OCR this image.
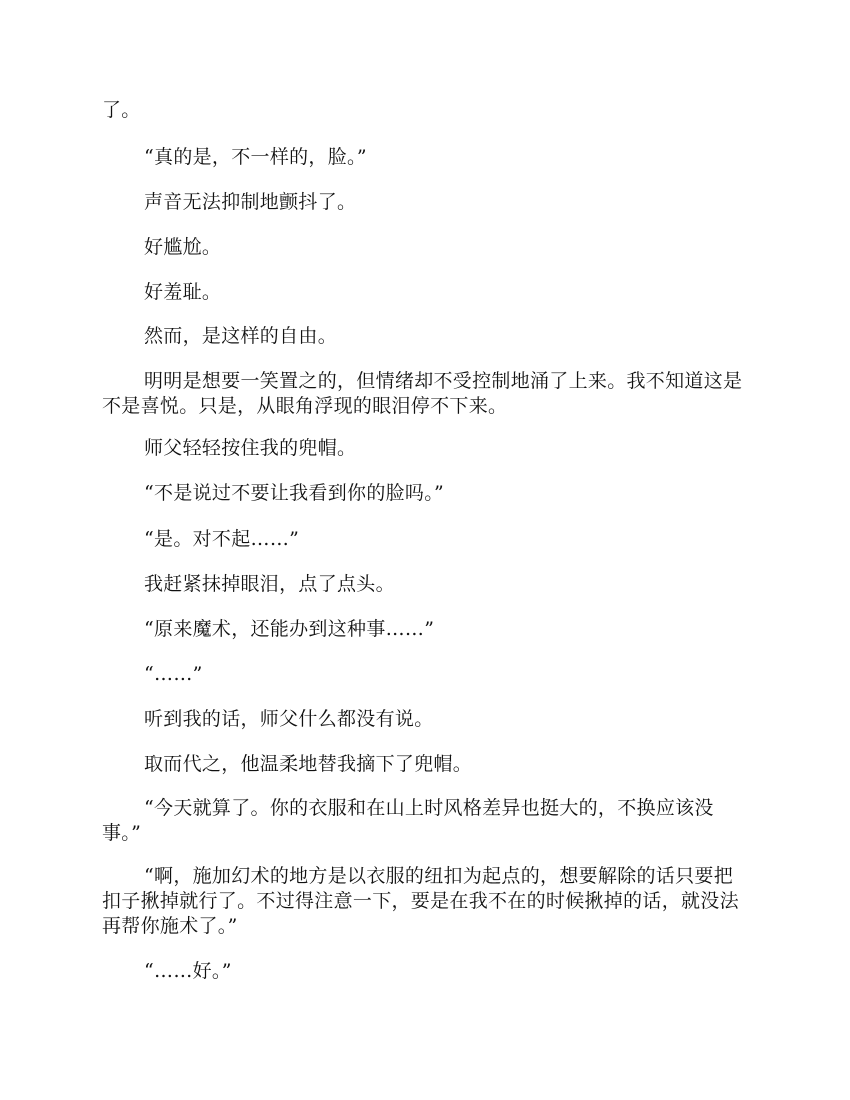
了。

“真的是，不一样的，脸。”

声音无法抑制地颤抖了。

好尴尬。

好羞耻。

然而，是这样的自由。

明明是想要一笑置之的，但情绪却不受控制地涌了上来。我不知道这是不是喜悦。只是，从眼角浮现的眼泪停不下来。

师父轻轻按住我的兜帽。

“不是说过不要让我看到你的脸吗。”

“是。对不起……”

我赶紧抹掉眼泪，点了点头。

“原来魔术，还能办到这种事……”

“……”

听到我的话，师父什么都没有说。

取而代之，他温柔地替我摘下了兜帽。

“今天就算了。你的衣服和在山上时风格差异也挺大的，不换应该没事。”

“啊，施加幻术的地方是以衣服的纽扣为起点的，想要解除的话只要把扣子揪掉就行了。不过得注意一下，要是在我不在的时候揪掉的话，就没法再帮你施术了。”

“……好。”
